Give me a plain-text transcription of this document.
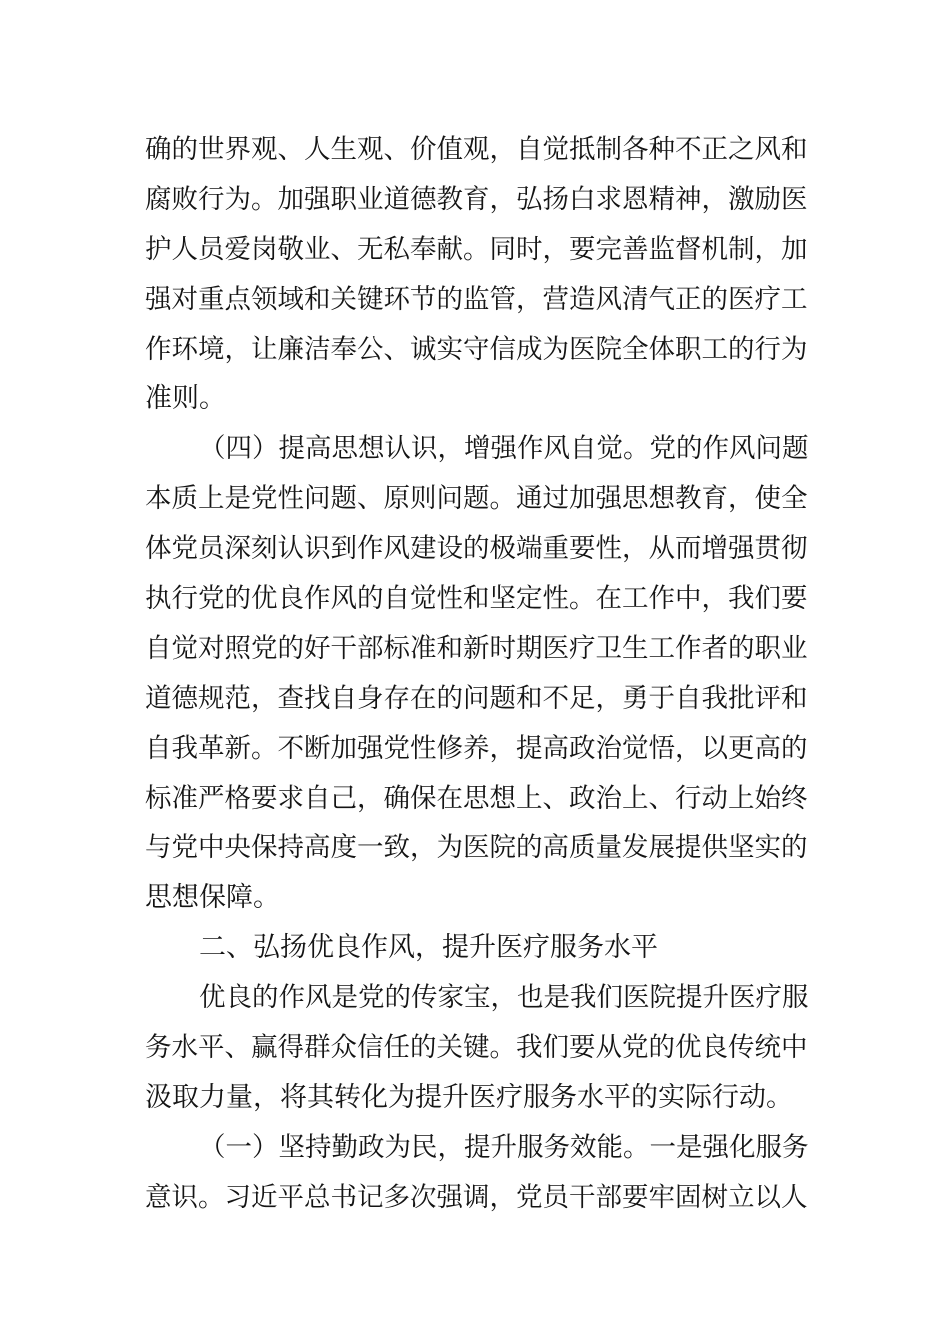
确的世界观、人生观、价值观，自觉抵制各种不正之风和
腐败行为。加强职业道德教育，弘扬白求恩精神，激励医
护人员爱岗敬业、无私奉献。同时，要完善监督机制，加
强对重点领域和关键环节的监管，营造风清气正的医疗工
作环境，让廉洁奉公、诚实守信成为医院全体职工的行为
准则。
（四）提高思想认识，增强作风自觉。党的作风问题
本质上是党性问题、原则问题。通过加强思想教育，使全
体党员深刻认识到作风建设的极端重要性，从而增强贯彻
执行党的优良作风的自觉性和坚定性。在工作中，我们要
自觉对照党的好干部标准和新时期医疗卫生工作者的职业
道德规范，查找自身存在的问题和不足，勇于自我批评和
自我革新。不断加强党性修养，提高政治觉悟，以更高的
标准严格要求自己，确保在思想上、政治上、行动上始终
与党中央保持高度一致，为医院的高质量发展提供坚实的
思想保障。
二、弘扬优良作风，提升医疗服务水平
优良的作风是党的传家宝，也是我们医院提升医疗服
务水平、赢得群众信任的关键。我们要从党的优良传统中
汲取力量，将其转化为提升医疗服务水平的实际行动。
（一）坚持勤政为民，提升服务效能。一是强化服务
意识。习近平总书记多次强调，党员干部要牢固树立以人
